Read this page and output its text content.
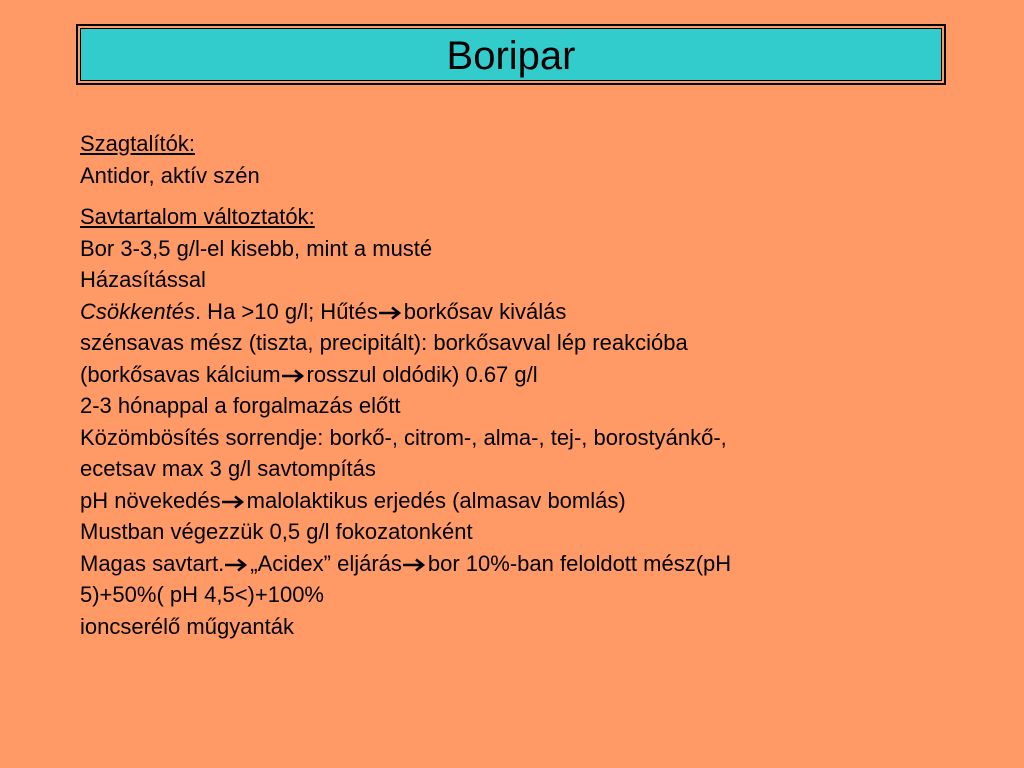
Boripar
Szagtalítók:
Antidor, aktív szén
Savtartalom változtatók:
Bor 3-3,5 g/l-el kisebb, mint a musté
Házasítással
Csökkentés. Ha >10 g/l; Hűtés borkősav kiválás
szénsavas mész (tiszta, precipitált): borkősavval lép reakcióba
(borkősavas kálcium rosszul oldódik) 0.67 g/l
2-3 hónappal a forgalmazás előtt
Közömbösítés sorrendje: borkő-, citrom-, alma-, tej-, borostyánkő-,
ecetsav max 3 g/l savtompítás
pH növekedés malolaktikus erjedés (almasav bomlás)
Mustban végezzük 0,5 g/l fokozatonként
Magas savtart. „Acidex” eljárás bor 10%-ban feloldott mész(pH
5)+50%( pH 4,5<)+100%
ioncserélő műgyanták
